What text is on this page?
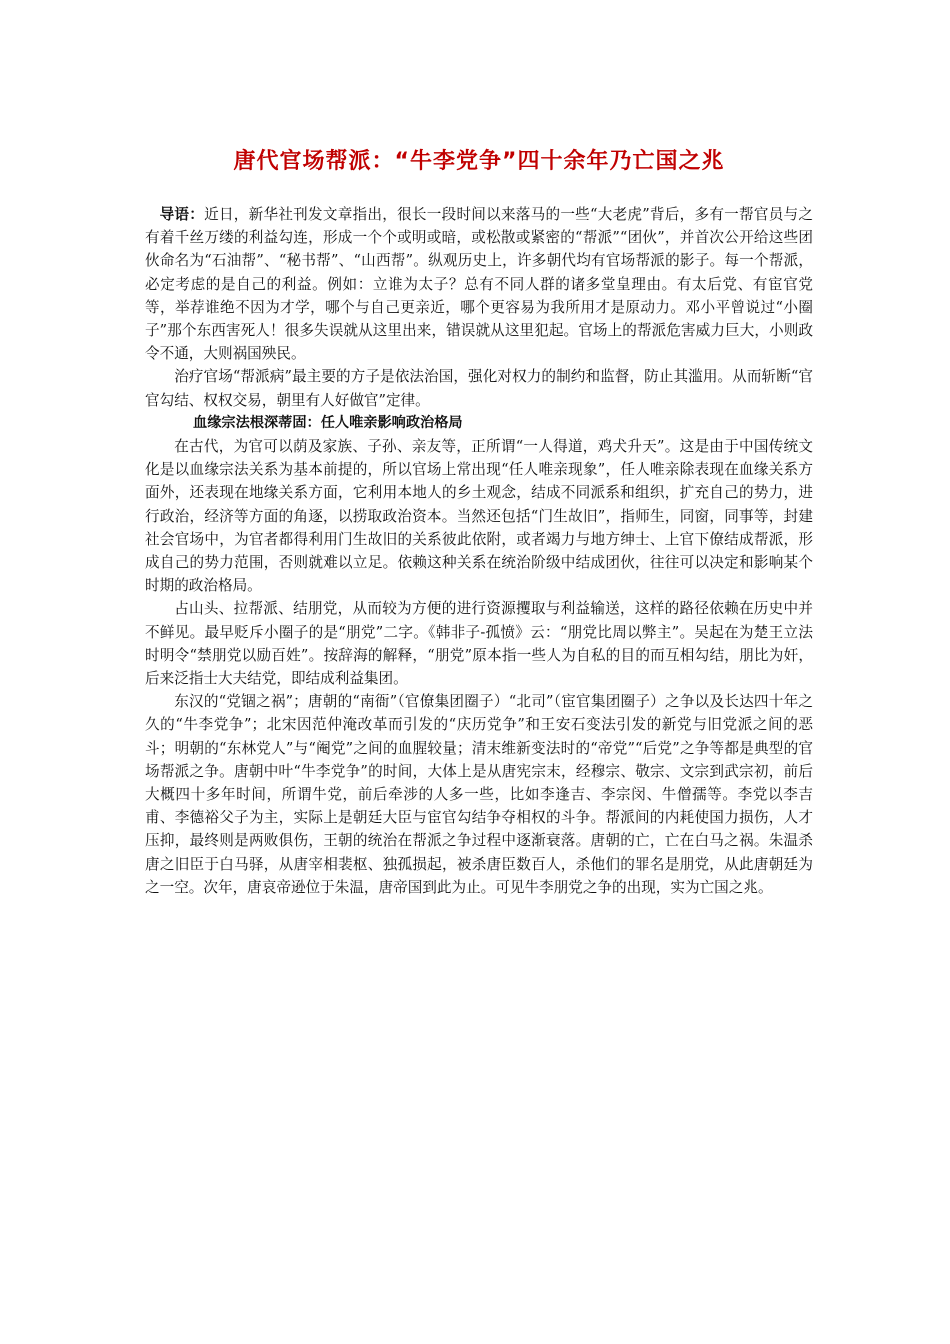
唐代官场帮派：“牛李党争”四十余年乃亡国之兆

导语：近日，新华社刊发文章指出，很长一段时间以来落马的一些“大老虎”背后，多有一帮官员与之有着千丝万缕的利益勾连，形成一个个或明或暗，或松散或紧密的“帮派”“团伙”，并首次公开给这些团伙命名为“石油帮”、“秘书帮”、“山西帮”。纵观历史上，许多朝代均有官场帮派的影子。每一个帮派，必定考虑的是自己的利益。例如：立谁为太子？总有不同人群的诸多堂皇理由。有太后党、有宦官党等，举荐谁绝不因为才学，哪个与自己更亲近，哪个更容易为我所用才是原动力。邓小平曾说过“小圈子”那个东西害死人！很多失误就从这里出来，错误就从这里犯起。官场上的帮派危害威力巨大，小则政令不通，大则祸国殃民。

治疗官场“帮派病”最主要的方子是依法治国，强化对权力的制约和监督，防止其滥用。从而斩断“官官勾结、权权交易，朝里有人好做官”定律。

血缘宗法根深蒂固：任人唯亲影响政治格局

在古代，为官可以荫及家族、子孙、亲友等，正所谓“一人得道，鸡犬升天”。这是由于中国传统文化是以血缘宗法关系为基本前提的，所以官场上常出现“任人唯亲现象”，任人唯亲除表现在血缘关系方面外，还表现在地缘关系方面，它利用本地人的乡土观念，结成不同派系和组织，扩充自己的势力，进行政治，经济等方面的角逐，以捞取政治资本。当然还包括“门生故旧”，指师生，同窗，同事等，封建社会官场中，为官者都得利用门生故旧的关系彼此依附，或者竭力与地方绅士、上官下僚结成帮派，形成自己的势力范围，否则就难以立足。依赖这种关系在统治阶级中结成团伙，往往可以决定和影响某个时期的政治格局。

占山头、拉帮派、结朋党，从而较为方便的进行资源攫取与利益输送，这样的路径依赖在历史中并不鲜见。最早贬斥小圈子的是“朋党”二字。《韩非子-孤愤》云：“朋党比周以弊主”。吴起在为楚王立法时明令“禁朋党以励百姓”。按辞海的解释，“朋党”原本指一些人为自私的目的而互相勾结，朋比为奸，后来泛指士大夫结党，即结成利益集团。

东汉的“党锢之祸”；唐朝的“南衙”（官僚集团圈子）“北司”（宦官集团圈子）之争以及长达四十年之久的“牛李党争”；北宋因范仲淹改革而引发的“庆历党争”和王安石变法引发的新党与旧党派之间的恶斗；明朝的“东林党人”与“阉党”之间的血腥较量；清末维新变法时的“帝党”“后党”之争等都是典型的官场帮派之争。唐朝中叶“牛李党争”的时间，大体上是从唐宪宗末，经穆宗、敬宗、文宗到武宗初，前后大概四十多年时间，所谓牛党，前后牵涉的人多一些，比如李逢吉、李宗闵、牛僧孺等。李党以李吉甫、李德裕父子为主，实际上是朝廷大臣与宦官勾结争夺相权的斗争。帮派间的内耗使国力损伤，人才压抑，最终则是两败俱伤，王朝的统治在帮派之争过程中逐渐衰落。唐朝的亡，亡在白马之祸。朱温杀唐之旧臣于白马驿，从唐宰相裴枢、独孤损起，被杀唐臣数百人，杀他们的罪名是朋党，从此唐朝廷为之一空。次年，唐哀帝逊位于朱温，唐帝国到此为止。可见牛李朋党之争的出现，实为亡国之兆。
